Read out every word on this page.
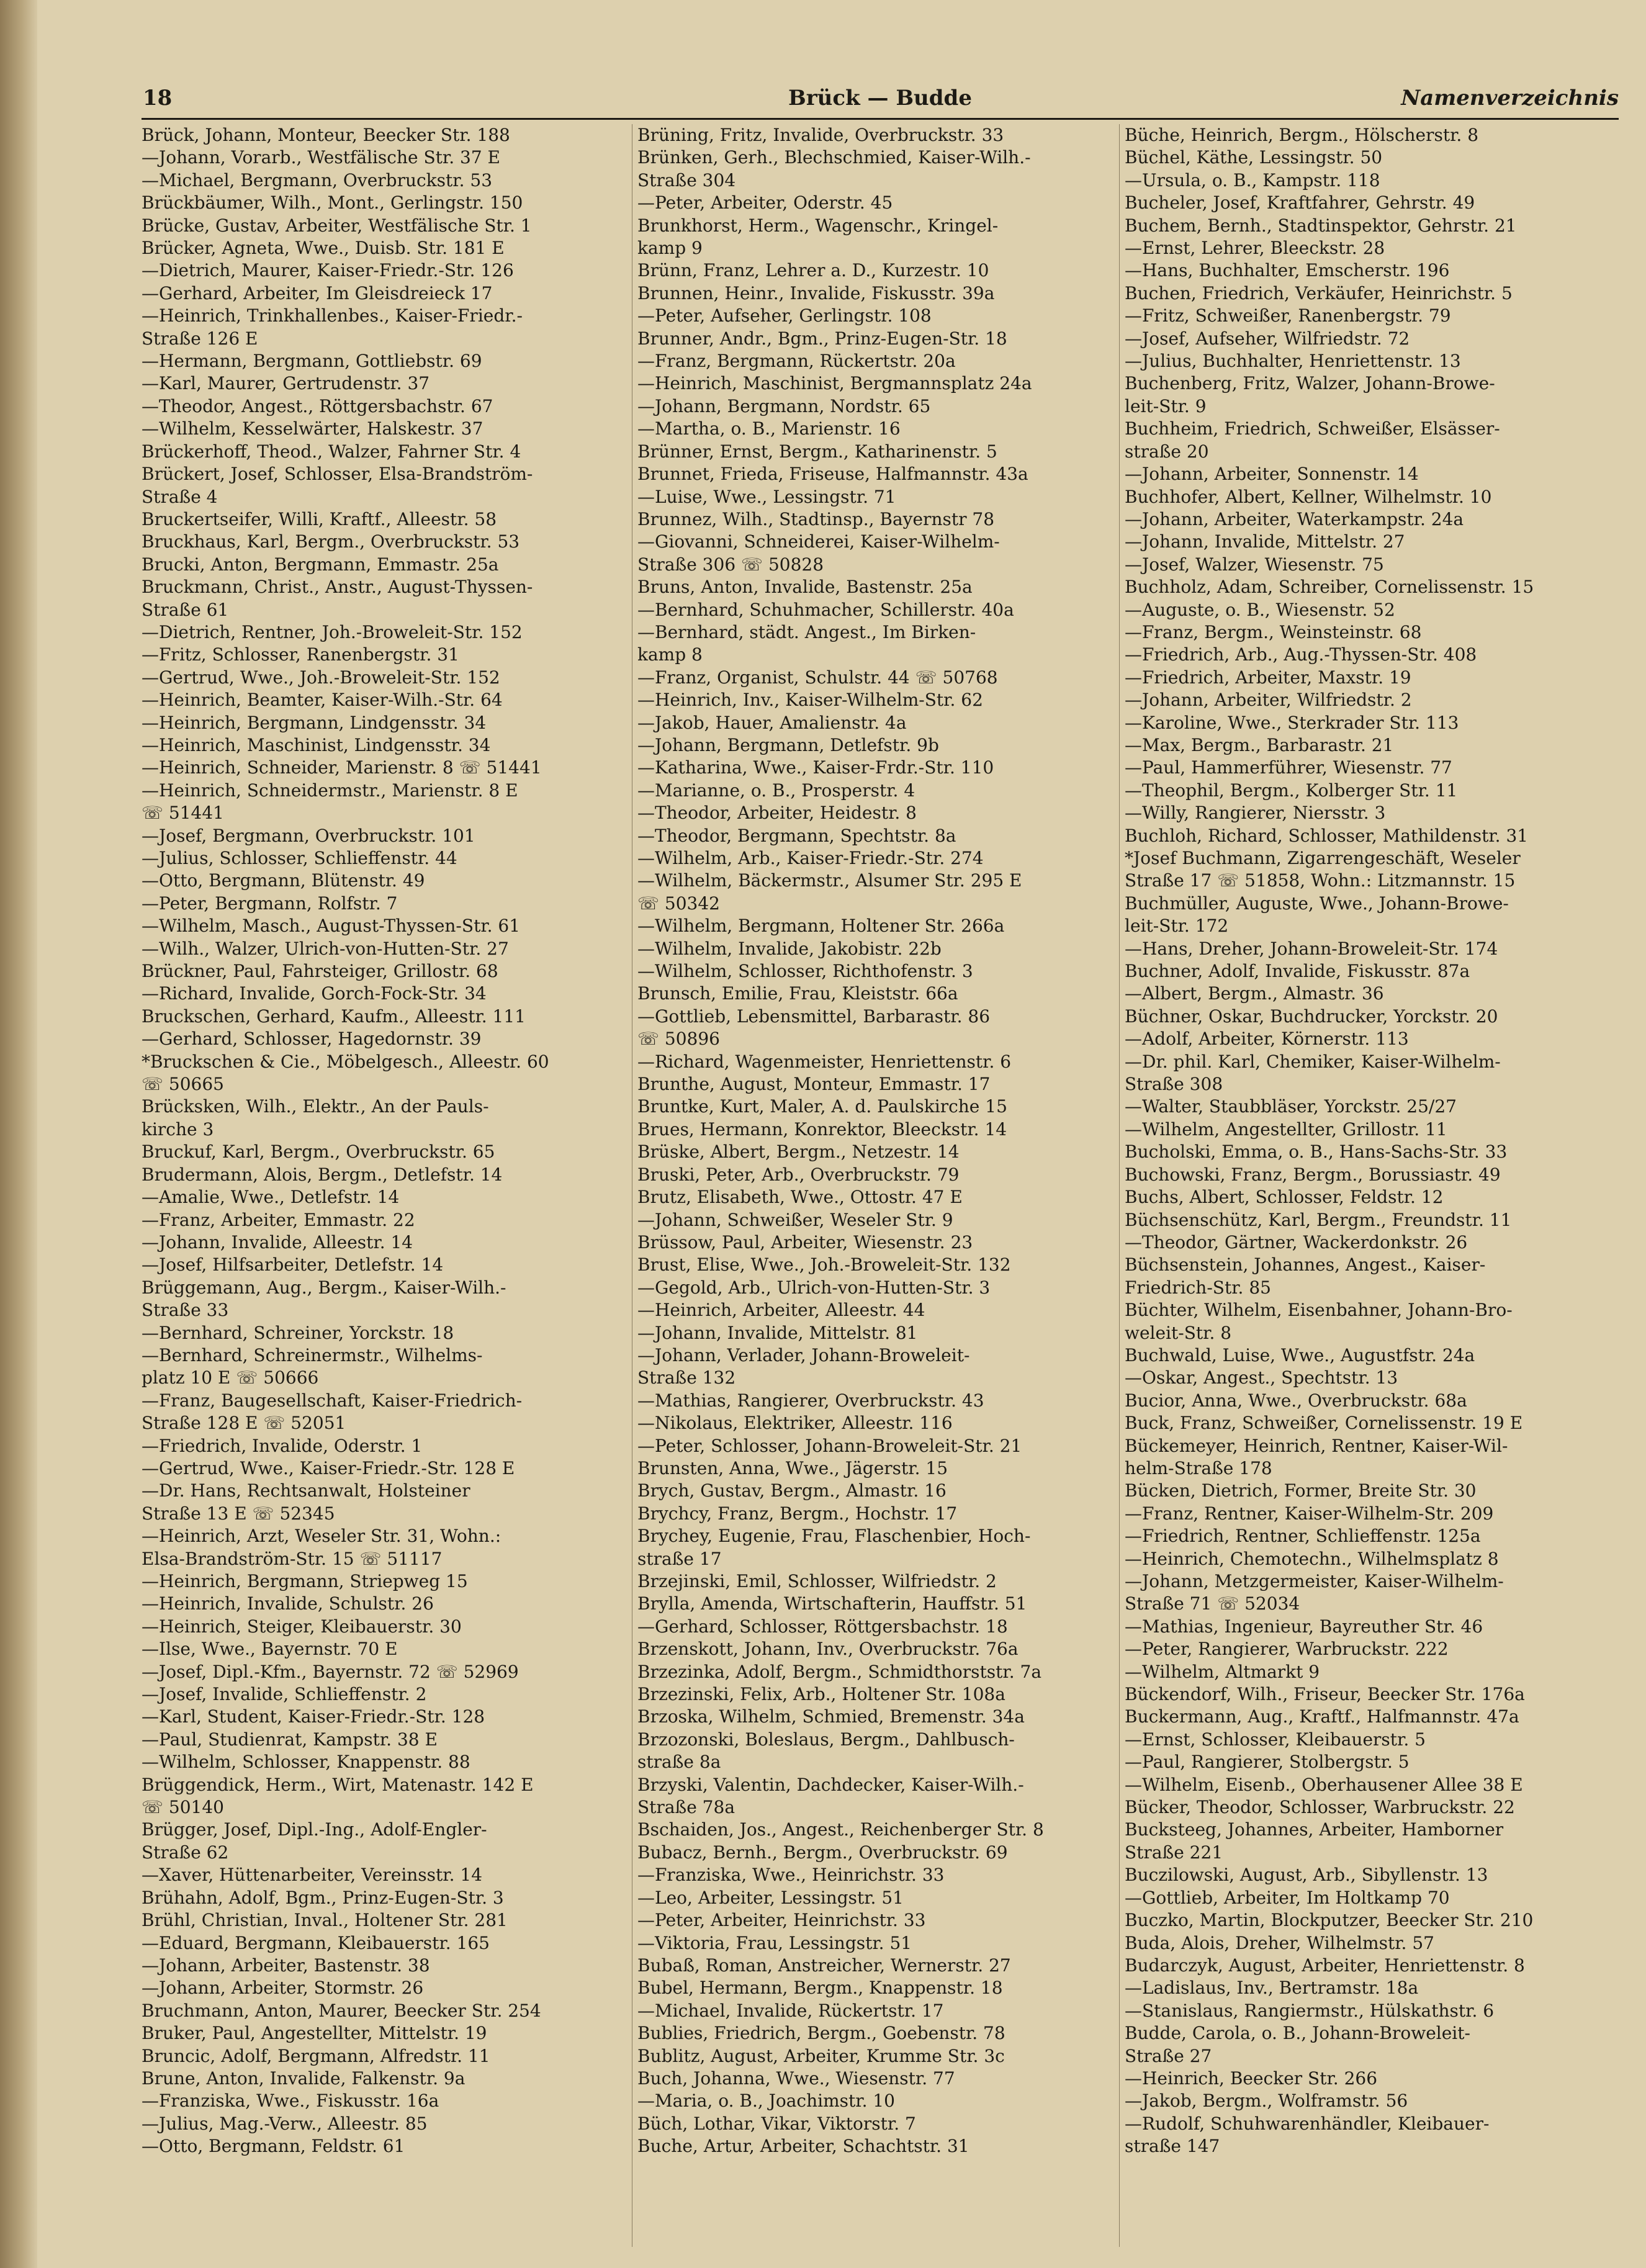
18	Brück — Budde	Namenverzeichnis
Brück, Johann, Monteur, Beecker Str. 188
—Johann, Vorarb., Westfälische Str. 37 E
—Michael, Bergmann, Overbruckstr. 53
Brückbäumer, Wilh., Mont., Gerlingstr. 150
Brücke, Gustav, Arbeiter, Westfälische Str. 1
Brücker, Agneta, Wwe., Duisb. Str. 181 E
—Dietrich, Maurer, Kaiser-Friedr.-Str. 126
—Gerhard, Arbeiter, Im Gleisdreieck 17
—Heinrich, Trinkhallenbes., Kaiser-Friedr.-
Straße 126 E
—Hermann, Bergmann, Gottliebstr. 69
—Karl, Maurer, Gertrudenstr. 37
—Theodor, Angest., Röttgersbachstr. 67
—Wilhelm, Kesselwärter, Halskestr. 37
Brückerhoff, Theod., Walzer, Fahrner Str. 4
Brückert, Josef, Schlosser, Elsa-Brandström-
Straße 4
Bruckertseifer, Willi, Kraftf., Alleestr. 58
Bruckhaus, Karl, Bergm., Overbruckstr. 53
Brucki, Anton, Bergmann, Emmastr. 25a
Bruckmann, Christ., Anstr., August-Thyssen-
Straße 61
—Dietrich, Rentner, Joh.-Broweleit-Str. 152
—Fritz, Schlosser, Ranenbergstr. 31
—Gertrud, Wwe., Joh.-Broweleit-Str. 152
—Heinrich, Beamter, Kaiser-Wilh.-Str. 64
—Heinrich, Bergmann, Lindgensstr. 34
—Heinrich, Maschinist, Lindgensstr. 34
—Heinrich, Schneider, Marienstr. 8 ☏ 51441
—Heinrich, Schneidermstr., Marienstr. 8 E
☏ 51441
—Josef, Bergmann, Overbruckstr. 101
—Julius, Schlosser, Schlieffenstr. 44
—Otto, Bergmann, Blütenstr. 49
—Peter, Bergmann, Rolfstr. 7
—Wilhelm, Masch., August-Thyssen-Str. 61
—Wilh., Walzer, Ulrich-von-Hutten-Str. 27
Brückner, Paul, Fahrsteiger, Grillostr. 68
—Richard, Invalide, Gorch-Fock-Str. 34
Bruckschen, Gerhard, Kaufm., Alleestr. 111
—Gerhard, Schlosser, Hagedornstr. 39
*Bruckschen & Cie., Möbelgesch., Alleestr. 60
☏ 50665
Brücksken, Wilh., Elektr., An der Pauls-
kirche 3
Bruckuf, Karl, Bergm., Overbruckstr. 65
Brudermann, Alois, Bergm., Detlefstr. 14
—Amalie, Wwe., Detlefstr. 14
—Franz, Arbeiter, Emmastr. 22
—Johann, Invalide, Alleestr. 14
—Josef, Hilfsarbeiter, Detlefstr. 14
Brüggemann, Aug., Bergm., Kaiser-Wilh.-
Straße 33
—Bernhard, Schreiner, Yorckstr. 18
—Bernhard, Schreinermstr., Wilhelms-
platz 10 E ☏ 50666
—Franz, Baugesellschaft, Kaiser-Friedrich-
Straße 128 E ☏ 52051
—Friedrich, Invalide, Oderstr. 1
—Gertrud, Wwe., Kaiser-Friedr.-Str. 128 E
—Dr. Hans, Rechtsanwalt, Holsteiner
Straße 13 E ☏ 52345
—Heinrich, Arzt, Weseler Str. 31, Wohn.:
Elsa-Brandström-Str. 15 ☏ 51117
—Heinrich, Bergmann, Striepweg 15
—Heinrich, Invalide, Schulstr. 26
—Heinrich, Steiger, Kleibauerstr. 30
—Ilse, Wwe., Bayernstr. 70 E
—Josef, Dipl.-Kfm., Bayernstr. 72 ☏ 52969
—Josef, Invalide, Schlieffenstr. 2
—Karl, Student, Kaiser-Friedr.-Str. 128
—Paul, Studienrat, Kampstr. 38 E
—Wilhelm, Schlosser, Knappenstr. 88
Brüggendick, Herm., Wirt, Matenastr. 142 E
☏ 50140
Brügger, Josef, Dipl.-Ing., Adolf-Engler-
Straße 62
—Xaver, Hüttenarbeiter, Vereinsstr. 14
Brühahn, Adolf, Bgm., Prinz-Eugen-Str. 3
Brühl, Christian, Inval., Holtener Str. 281
—Eduard, Bergmann, Kleibauerstr. 165
—Johann, Arbeiter, Bastenstr. 38
—Johann, Arbeiter, Stormstr. 26
Bruchmann, Anton, Maurer, Beecker Str. 254
Bruker, Paul, Angestellter, Mittelstr. 19
Bruncic, Adolf, Bergmann, Alfredstr. 11
Brune, Anton, Invalide, Falkenstr. 9a
—Franziska, Wwe., Fiskusstr. 16a
—Julius, Mag.-Verw., Alleestr. 85
—Otto, Bergmann, Feldstr. 61
Brüning, Fritz, Invalide, Overbruckstr. 33
Brünken, Gerh., Blechschmied, Kaiser-Wilh.-
Straße 304
—Peter, Arbeiter, Oderstr. 45
Brunkhorst, Herm., Wagenschr., Kringel-
kamp 9
Brünn, Franz, Lehrer a. D., Kurzestr. 10
Brunnen, Heinr., Invalide, Fiskusstr. 39a
—Peter, Aufseher, Gerlingstr. 108
Brunner, Andr., Bgm., Prinz-Eugen-Str. 18
—Franz, Bergmann, Rückertstr. 20a
—Heinrich, Maschinist, Bergmannsplatz 24a
—Johann, Bergmann, Nordstr. 65
—Martha, o. B., Marienstr. 16
Brünner, Ernst, Bergm., Katharinenstr. 5
Brunnet, Frieda, Friseuse, Halfmannstr. 43a
—Luise, Wwe., Lessingstr. 71
Brunnez, Wilh., Stadtinsp., Bayernstr 78
—Giovanni, Schneiderei, Kaiser-Wilhelm-
Straße 306 ☏ 50828
Bruns, Anton, Invalide, Bastenstr. 25a
—Bernhard, Schuhmacher, Schillerstr. 40a
—Bernhard, städt. Angest., Im Birken-
kamp 8
—Franz, Organist, Schulstr. 44 ☏ 50768
—Heinrich, Inv., Kaiser-Wilhelm-Str. 62
—Jakob, Hauer, Amalienstr. 4a
—Johann, Bergmann, Detlefstr. 9b
—Katharina, Wwe., Kaiser-Frdr.-Str. 110
—Marianne, o. B., Prosperstr. 4
—Theodor, Arbeiter, Heidestr. 8
—Theodor, Bergmann, Spechtstr. 8a
—Wilhelm, Arb., Kaiser-Friedr.-Str. 274
—Wilhelm, Bäckermstr., Alsumer Str. 295 E
☏ 50342
—Wilhelm, Bergmann, Holtener Str. 266a
—Wilhelm, Invalide, Jakobistr. 22b
—Wilhelm, Schlosser, Richthofenstr. 3
Brunsch, Emilie, Frau, Kleiststr. 66a
—Gottlieb, Lebensmittel, Barbarastr. 86
☏ 50896
—Richard, Wagenmeister, Henriettenstr. 6
Brunthe, August, Monteur, Emmastr. 17
Bruntke, Kurt, Maler, A. d. Paulskirche 15
Brues, Hermann, Konrektor, Bleeckstr. 14
Brüske, Albert, Bergm., Netzestr. 14
Bruski, Peter, Arb., Overbruckstr. 79
Brutz, Elisabeth, Wwe., Ottostr. 47 E
—Johann, Schweißer, Weseler Str. 9
Brüssow, Paul, Arbeiter, Wiesenstr. 23
Brust, Elise, Wwe., Joh.-Broweleit-Str. 132
—Gegold, Arb., Ulrich-von-Hutten-Str. 3
—Heinrich, Arbeiter, Alleestr. 44
—Johann, Invalide, Mittelstr. 81
—Johann, Verlader, Johann-Broweleit-
Straße 132
—Mathias, Rangierer, Overbruckstr. 43
—Nikolaus, Elektriker, Alleestr. 116
—Peter, Schlosser, Johann-Broweleit-Str. 21
Brunsten, Anna, Wwe., Jägerstr. 15
Brych, Gustav, Bergm., Almastr. 16
Brychcy, Franz, Bergm., Hochstr. 17
Brychey, Eugenie, Frau, Flaschenbier, Hoch-
straße 17
Brzejinski, Emil, Schlosser, Wilfriedstr. 2
Brylla, Amenda, Wirtschafterin, Hauffstr. 51
—Gerhard, Schlosser, Röttgersbachstr. 18
Brzenskott, Johann, Inv., Overbruckstr. 76a
Brzezinka, Adolf, Bergm., Schmidthorststr. 7a
Brzezinski, Felix, Arb., Holtener Str. 108a
Brzoska, Wilhelm, Schmied, Bremenstr. 34a
Brzozonski, Boleslaus, Bergm., Dahlbusch-
straße 8a
Brzyski, Valentin, Dachdecker, Kaiser-Wilh.-
Straße 78a
Bschaiden, Jos., Angest., Reichenberger Str. 8
Bubacz, Bernh., Bergm., Overbruckstr. 69
—Franziska, Wwe., Heinrichstr. 33
—Leo, Arbeiter, Lessingstr. 51
—Peter, Arbeiter, Heinrichstr. 33
—Viktoria, Frau, Lessingstr. 51
Bubaß, Roman, Anstreicher, Wernerstr. 27
Bubel, Hermann, Bergm., Knappenstr. 18
—Michael, Invalide, Rückertstr. 17
Bublies, Friedrich, Bergm., Goebenstr. 78
Bublitz, August, Arbeiter, Krumme Str. 3c
Buch, Johanna, Wwe., Wiesenstr. 77
—Maria, o. B., Joachimstr. 10
Büch, Lothar, Vikar, Viktorstr. 7
Buche, Artur, Arbeiter, Schachtstr. 31
Büche, Heinrich, Bergm., Hölscherstr. 8
Büchel, Käthe, Lessingstr. 50
—Ursula, o. B., Kampstr. 118
Bucheler, Josef, Kraftfahrer, Gehrstr. 49
Buchem, Bernh., Stadtinspektor, Gehrstr. 21
—Ernst, Lehrer, Bleeckstr. 28
—Hans, Buchhalter, Emscherstr. 196
Buchen, Friedrich, Verkäufer, Heinrichstr. 5
—Fritz, Schweißer, Ranenbergstr. 79
—Josef, Aufseher, Wilfriedstr. 72
—Julius, Buchhalter, Henriettenstr. 13
Buchenberg, Fritz, Walzer, Johann-Browe-
leit-Str. 9
Buchheim, Friedrich, Schweißer, Elsässer-
straße 20
—Johann, Arbeiter, Sonnenstr. 14
Buchhofer, Albert, Kellner, Wilhelmstr. 10
—Johann, Arbeiter, Waterkampstr. 24a
—Johann, Invalide, Mittelstr. 27
—Josef, Walzer, Wiesenstr. 75
Buchholz, Adam, Schreiber, Cornelissenstr. 15
—Auguste, o. B., Wiesenstr. 52
—Franz, Bergm., Weinsteinstr. 68
—Friedrich, Arb., Aug.-Thyssen-Str. 408
—Friedrich, Arbeiter, Maxstr. 19
—Johann, Arbeiter, Wilfriedstr. 2
—Karoline, Wwe., Sterkrader Str. 113
—Max, Bergm., Barbarastr. 21
—Paul, Hammerführer, Wiesenstr. 77
—Theophil, Bergm., Kolberger Str. 11
—Willy, Rangierer, Niersstr. 3
Buchloh, Richard, Schlosser, Mathildenstr. 31
*Josef Buchmann, Zigarrengeschäft, Weseler
Straße 17 ☏ 51858, Wohn.: Litzmannstr. 15
Buchmüller, Auguste, Wwe., Johann-Browe-
leit-Str. 172
—Hans, Dreher, Johann-Broweleit-Str. 174
Buchner, Adolf, Invalide, Fiskusstr. 87a
—Albert, Bergm., Almastr. 36
Büchner, Oskar, Buchdrucker, Yorckstr. 20
—Adolf, Arbeiter, Körnerstr. 113
—Dr. phil. Karl, Chemiker, Kaiser-Wilhelm-
Straße 308
—Walter, Staubbläser, Yorckstr. 25/27
—Wilhelm, Angestellter, Grillostr. 11
Bucholski, Emma, o. B., Hans-Sachs-Str. 33
Buchowski, Franz, Bergm., Borussiastr. 49
Buchs, Albert, Schlosser, Feldstr. 12
Büchsenschütz, Karl, Bergm., Freundstr. 11
—Theodor, Gärtner, Wackerdonkstr. 26
Büchsenstein, Johannes, Angest., Kaiser-
Friedrich-Str. 85
Büchter, Wilhelm, Eisenbahner, Johann-Bro-
weleit-Str. 8
Buchwald, Luise, Wwe., Augustfstr. 24a
—Oskar, Angest., Spechtstr. 13
Bucior, Anna, Wwe., Overbruckstr. 68a
Buck, Franz, Schweißer, Cornelissenstr. 19 E
Bückemeyer, Heinrich, Rentner, Kaiser-Wil-
helm-Straße 178
Bücken, Dietrich, Former, Breite Str. 30
—Franz, Rentner, Kaiser-Wilhelm-Str. 209
—Friedrich, Rentner, Schlieffenstr. 125a
—Heinrich, Chemotechn., Wilhelmsplatz 8
—Johann, Metzgermeister, Kaiser-Wilhelm-
Straße 71 ☏ 52034
—Mathias, Ingenieur, Bayreuther Str. 46
—Peter, Rangierer, Warbruckstr. 222
—Wilhelm, Altmarkt 9
Bückendorf, Wilh., Friseur, Beecker Str. 176a
Buckermann, Aug., Kraftf., Halfmannstr. 47a
—Ernst, Schlosser, Kleibauerstr. 5
—Paul, Rangierer, Stolbergstr. 5
—Wilhelm, Eisenb., Oberhausener Allee 38 E
Bücker, Theodor, Schlosser, Warbruckstr. 22
Bucksteeg, Johannes, Arbeiter, Hamborner
Straße 221
Buczilowski, August, Arb., Sibyllenstr. 13
—Gottlieb, Arbeiter, Im Holtkamp 70
Buczko, Martin, Blockputzer, Beecker Str. 210
Buda, Alois, Dreher, Wilhelmstr. 57
Budarczyk, August, Arbeiter, Henriettenstr. 8
—Ladislaus, Inv., Bertramstr. 18a
—Stanislaus, Rangiermstr., Hülskathstr. 6
Budde, Carola, o. B., Johann-Broweleit-
Straße 27
—Heinrich, Beecker Str. 266
—Jakob, Bergm., Wolframstr. 56
—Rudolf, Schuhwarenhändler, Kleibauer-
straße 147
